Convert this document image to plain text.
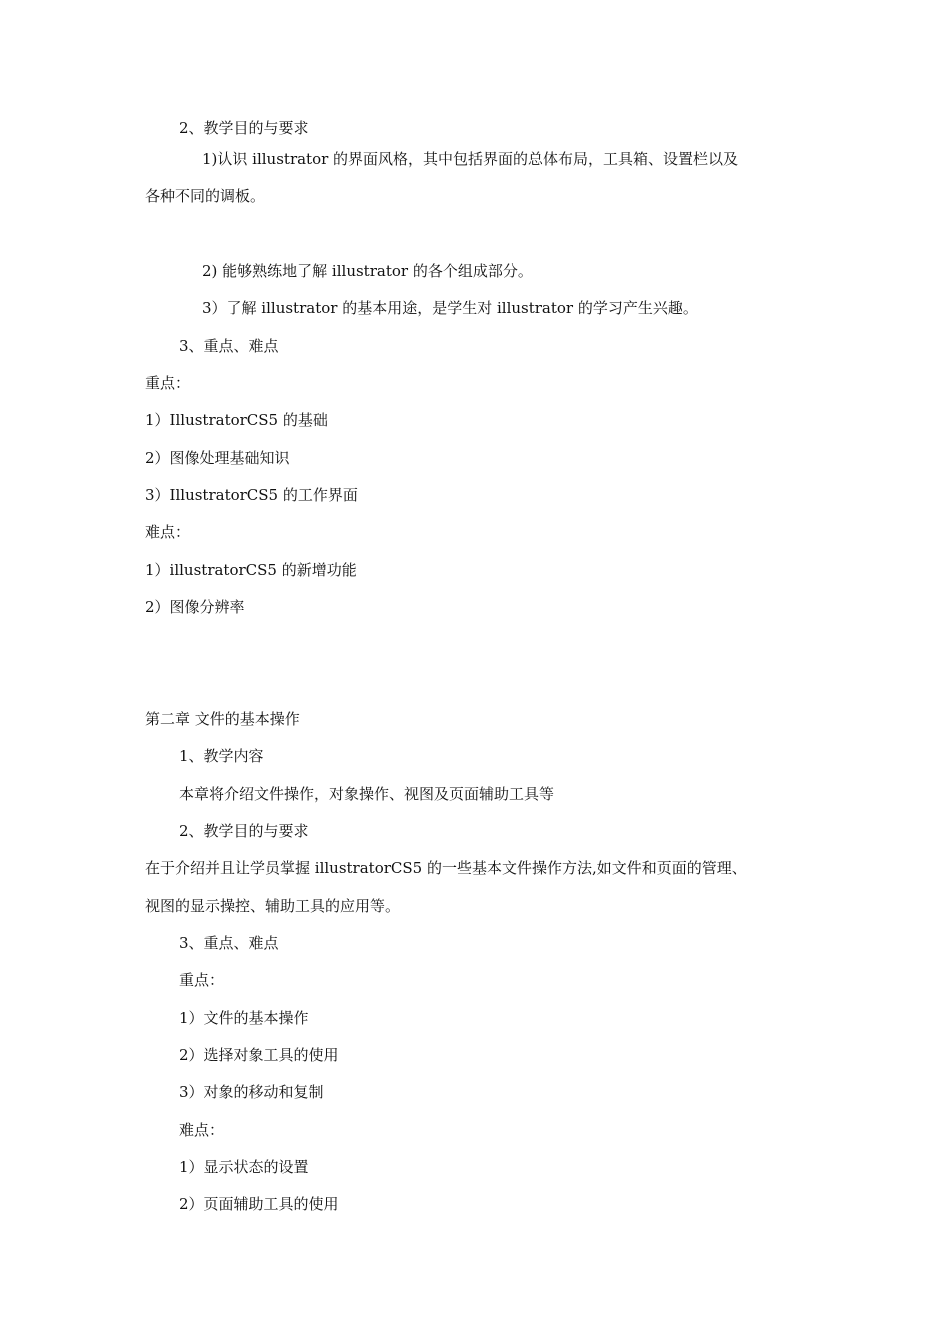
2、教学目的与要求
1)认识 illustrator 的界面风格，其中包括界面的总体布局，工具箱、设置栏以及
各种不同的调板。
2) 能够熟练地了解 illustrator 的各个组成部分。
3）了解 illustrator 的基本用途，是学生对 illustrator 的学习产生兴趣。
3、重点、难点
重点：
1）IllustratorCS5 的基础
2）图像处理基础知识
3）IllustratorCS5 的工作界面
难点：
1）illustratorCS5 的新增功能
2）图像分辨率
第二章 文件的基本操作
1、教学内容
本章将介绍文件操作，对象操作、视图及页面辅助工具等
2、教学目的与要求
在于介绍并且让学员掌握 illustratorCS5 的一些基本文件操作方法,如文件和页面的管理、
视图的显示操控、辅助工具的应用等。
3、重点、难点
重点：
1）文件的基本操作
2）选择对象工具的使用
3）对象的移动和复制
难点：
1）显示状态的设置
2）页面辅助工具的使用
